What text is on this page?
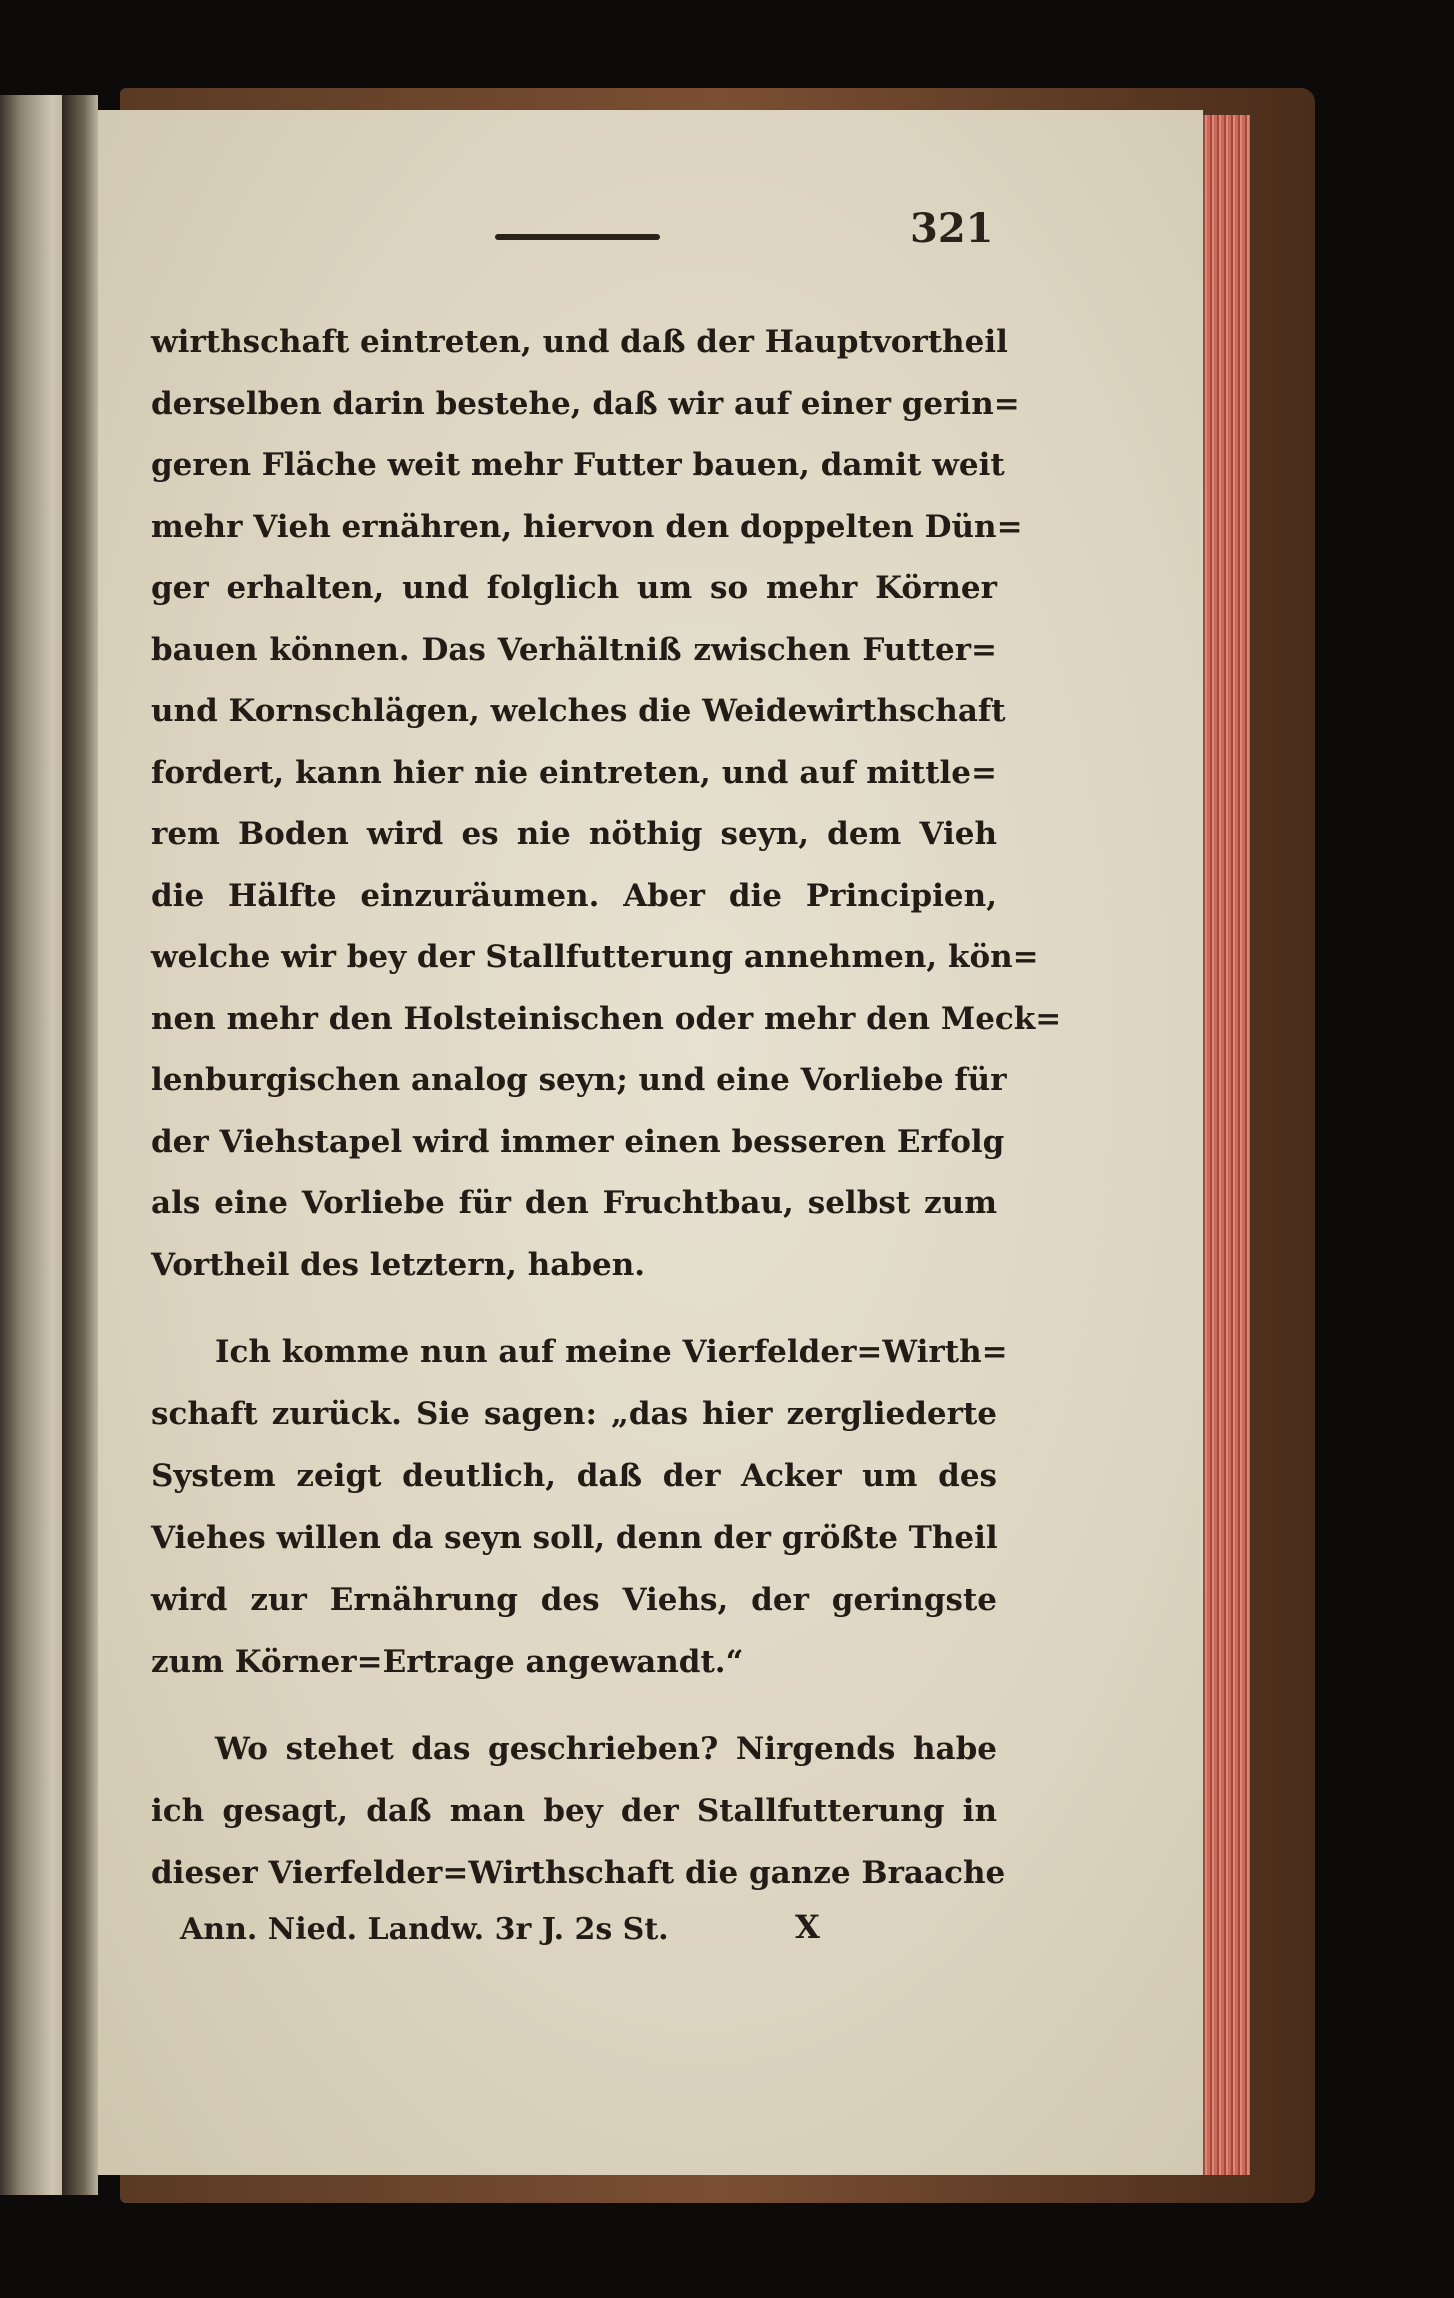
321
wirthschaft eintreten, und daß der Hauptvortheil
derselben darin bestehe, daß wir auf einer gerin=
geren Fläche weit mehr Futter bauen, damit weit
mehr Vieh ernähren, hiervon den doppelten Dün=
ger erhalten, und folglich um so mehr Körner
bauen können. Das Verhältniß zwischen Futter=
und Kornschlägen, welches die Weidewirthschaft
fordert, kann hier nie eintreten, und auf mittle=
rem Boden wird es nie nöthig seyn, dem Vieh
die Hälfte einzuräumen. Aber die Principien,
welche wir bey der Stallfutterung annehmen, kön=
nen mehr den Holsteinischen oder mehr den Meck=
lenburgischen analog seyn; und eine Vorliebe für
der Viehstapel wird immer einen besseren Erfolg
als eine Vorliebe für den Fruchtbau, selbst zum
Vortheil des letztern, haben.
Ich komme nun auf meine Vierfelder=Wirth=
schaft zurück. Sie sagen: „das hier zergliederte
System zeigt deutlich, daß der Acker um des
Viehes willen da seyn soll, denn der größte Theil
wird zur Ernährung des Viehs, der geringste
zum Körner=Ertrage angewandt.“
Wo stehet das geschrieben? Nirgends habe
ich gesagt, daß man bey der Stallfutterung in
dieser Vierfelder=Wirthschaft die ganze Braache
Ann. Nied. Landw. 3r J. 2s St.	X
